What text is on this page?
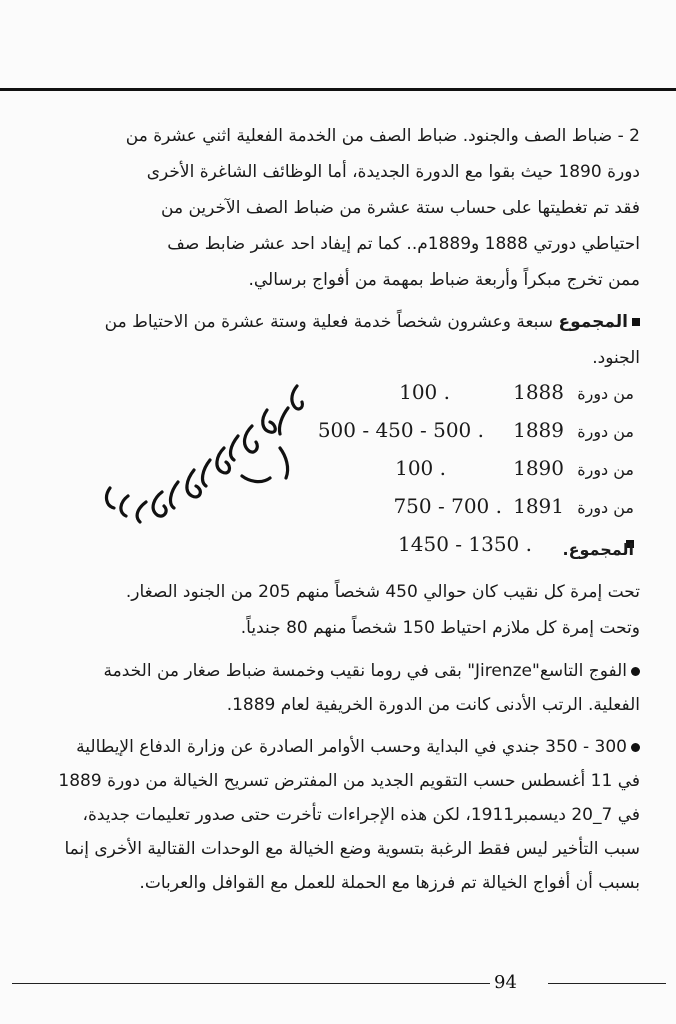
2 - ضباط الصف والجنود. ضباط الصف من الخدمة الفعلية اثني عشرة من

دورة 1890 حيث بقوا مع الدورة الجديدة، أما الوظائف الشاغرة الأخرى

فقد تم تغطيتها على حساب ستة عشرة من ضباط الصف الآخرين من

احتياطي دورتي 1888 و1889م.. كما تم إيفاد احد عشر ضابط صف

ممن تخرج مبكراً وأربعة ضباط بمهمة من أفواج برسالي.

المجموع سبعة وعشرون شخصاً خدمة فعلية وستة عشرة من الاحتياط من

الجنود.

من دورة
1888
100 .
من دورة
1889
500 - 450 - 500 .
من دورة
1890
100 .
من دورة
1891
750 - 700 .
المجموع.
1450 - 1350 .

تحت إمرة كل نقيب كان حوالي 450 شخصاً منهم 205 من الجنود الصغار.

وتحت إمرة كل ملازم احتياط 150 شخصاً منهم 80 جندياً.

الفوج التاسع"Jirenze" بقى في روما نقيب وخمسة ضباط صغار من الخدمة

الفعلية. الرتب الأدنى كانت من الدورة الخريفية لعام 1889.

300 - 350 جندي في البداية وحسب الأوامر الصادرة عن وزارة الدفاع الإيطالية

في 11 أغسطس حسب التقويم الجديد من المفترض تسريح الخيالة من دورة 1889

في 7_20 ديسمبر1911، لكن هذه الإجراءات تأخرت حتى صدور تعليمات جديدة،

سبب التأخير ليس فقط الرغبة بتسوية وضع الخيالة مع الوحدات القتالية الأخرى إنما

بسبب أن أفواج الخيالة تم فرزها مع الحملة للعمل مع القوافل والعربات.

94
